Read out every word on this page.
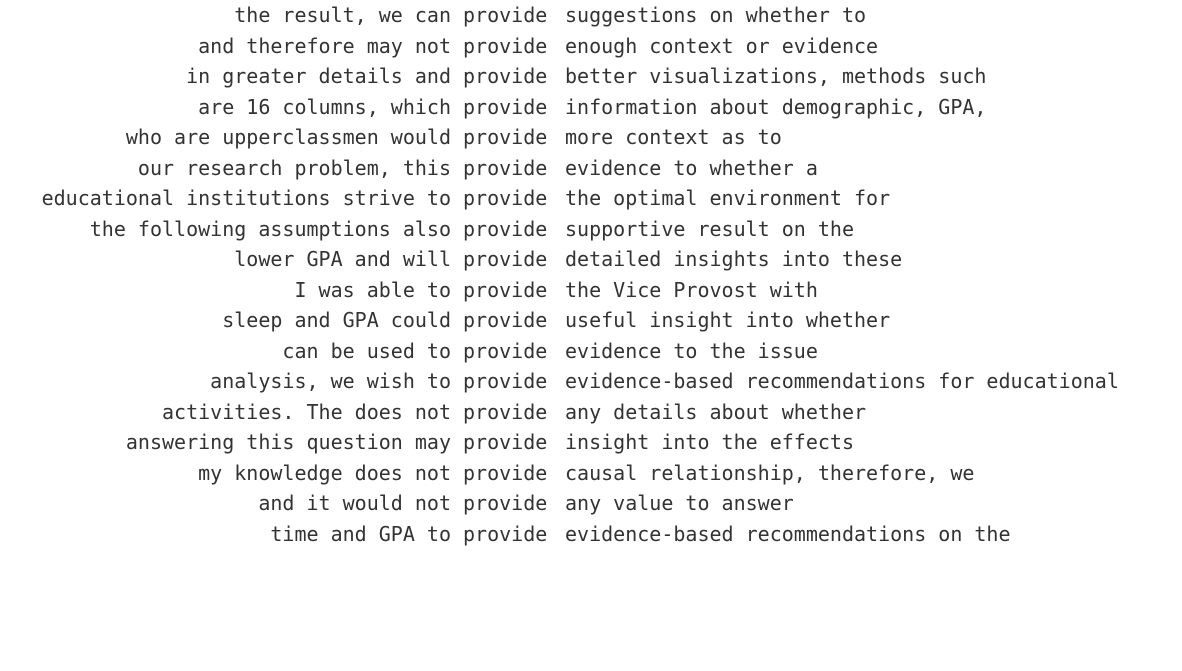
the result, we can

provide

suggestions on whether to

and therefore may not

provide

enough context or evidence

in greater details and

provide

better visualizations, methods such

are 16 columns, which

provide

information about demographic, GPA,

who are upperclassmen would

provide

more context as to

our research problem, this

provide

evidence to whether a

educational institutions strive to

provide

the optimal environment for

the following assumptions also

provide

supportive result on the

lower GPA and will

provide

detailed insights into these

I was able to

provide

the Vice Provost with

sleep and GPA could

provide

useful insight into whether

can be used to

provide

evidence to the issue

analysis, we wish to

provide

evidence-based recommendations for educational

activities. The does not

provide

any details about whether

answering this question may

provide

insight into the effects

my knowledge does not

provide

causal relationship, therefore, we

and it would not

provide

any value to answer

time and GPA to

provide

evidence-based recommendations on the
